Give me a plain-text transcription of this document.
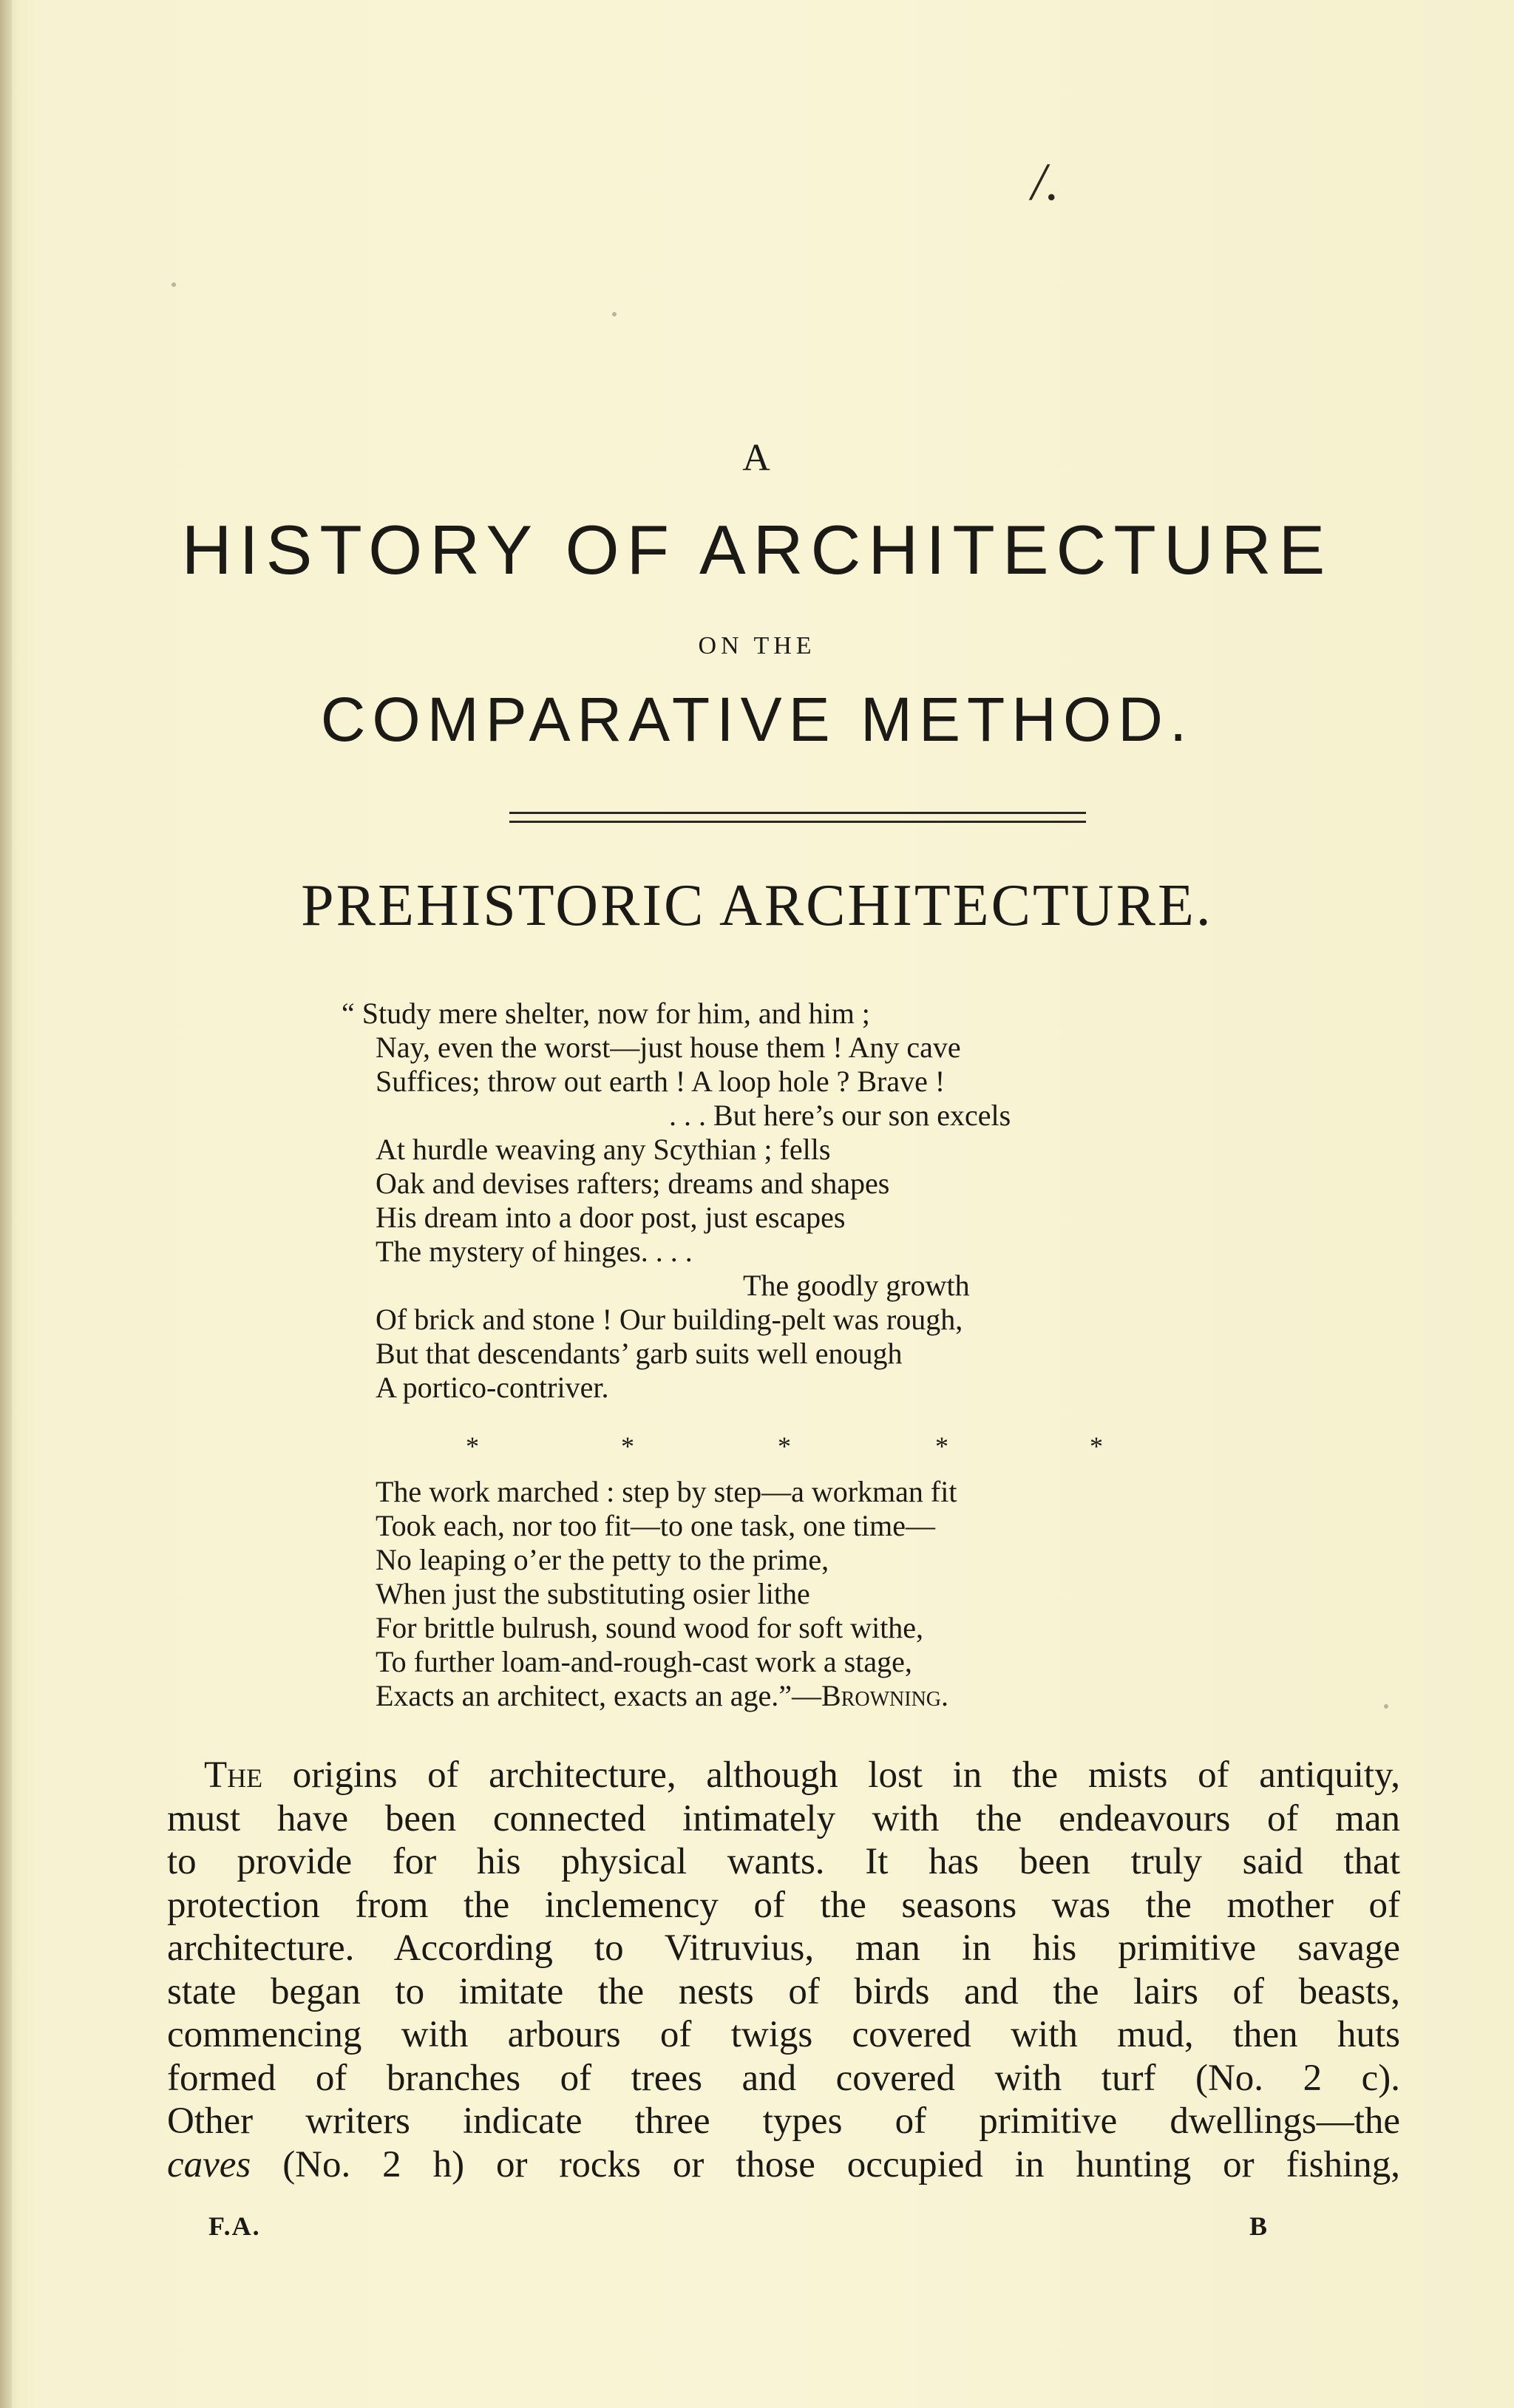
/.
A
HISTORY OF ARCHITECTURE
ON THE
COMPARATIVE METHOD.
PREHISTORIC ARCHITECTURE.
“ Study mere shelter, now for him, and him ;
Nay, even the worst—just house them ! Any cave
Suffices; throw out earth ! A loop hole ? Brave !
. . . But here’s our son excels
At hurdle weaving any Scythian ; fells
Oak and devises rafters; dreams and shapes
His dream into a door post, just escapes
The mystery of hinges. . . .
The goodly growth
Of brick and stone ! Our building-pelt was rough,
But that descendants’ garb suits well enough
A portico-contriver.
*	*	*	*	*
The work marched : step by step—a workman fit
Took each, nor too fit—to one task, one time—
No leaping o’er the petty to the prime,
When just the substituting osier lithe
For brittle bulrush, sound wood for soft withe,
To further loam-and-rough-cast work a stage,
Exacts an architect, exacts an age.”—Browning.
The origins of architecture, although lost in the mists of antiquity,
must have been connected intimately with the endeavours of man
to provide for his physical wants. It has been truly said that
protection from the inclemency of the seasons was the mother of
architecture. According to Vitruvius, man in his primitive savage
state began to imitate the nests of birds and the lairs of beasts,
commencing with arbours of twigs covered with mud, then huts
formed of branches of trees and covered with turf (No. 2 c).
Other writers indicate three types of primitive dwellings—the
caves (No. 2 h) or rocks or those occupied in hunting or fishing,
F.A.	B
